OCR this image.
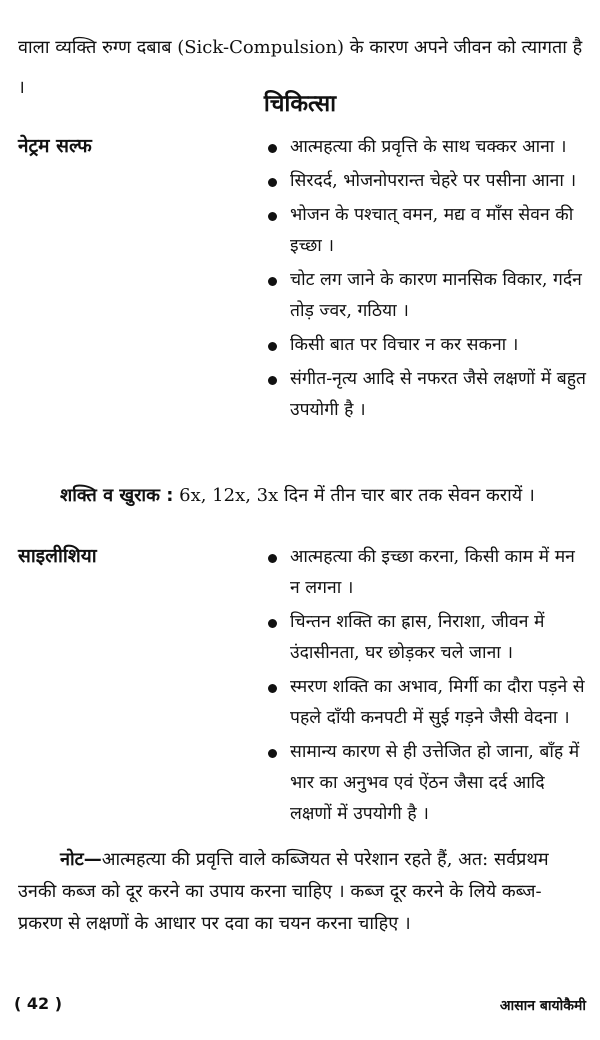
वाला व्यक्ति रुग्ण दबाब (Sick-Compulsion) के कारण अपने जीवन को त्यागता है ।

चिकित्सा
नेट्रम सल्फ	आत्महत्या की प्रवृत्ति के साथ चक्कर आना ।
सिरदर्द, भोजनोपरान्त चेहरे पर पसीना आना ।
भोजन के पश्चात् वमन, मद्य व माँस सेवन की इच्छा ।
चोट लग जाने के कारण मानसिक विकार, गर्दन तोड़ ज्वर, गठिया ।
किसी बात पर विचार न कर सकना ।
संगीत-नृत्य आदि से नफरत जैसे लक्षणों में बहुत उपयोगी है ।

शक्ति व खुराक : 6x, 12x, 3x दिन में तीन चार बार तक सेवन करायें ।

साइलीशिया	आत्महत्या की इच्छा करना, किसी काम में मन न लगना ।
चिन्तन शक्ति का ह्रास, निराशा, जीवन में उंदासीनता, घर छोड़कर चले जाना ।
स्मरण शक्ति का अभाव, मिर्गी का दौरा पड़ने से पहले दाँयी कनपटी में सुई गड़ने जैसी वेदना ।
सामान्य कारण से ही उत्तेजित हो जाना, बाँह में भार का अनुभव एवं ऐंठन जैसा दर्द आदि लक्षणों में उपयोगी है ।

नोट—आत्महत्या की प्रवृत्ति वाले कब्जियत से परेशान रहते हैं, अत: सर्वप्रथम उनकी कब्ज को दूर करने का उपाय करना चाहिए । कब्ज दूर करने के लिये कब्ज-प्रकरण से लक्षणों के आधार पर दवा का चयन करना चाहिए ।

( 42 )	आसान बायोकैमी
